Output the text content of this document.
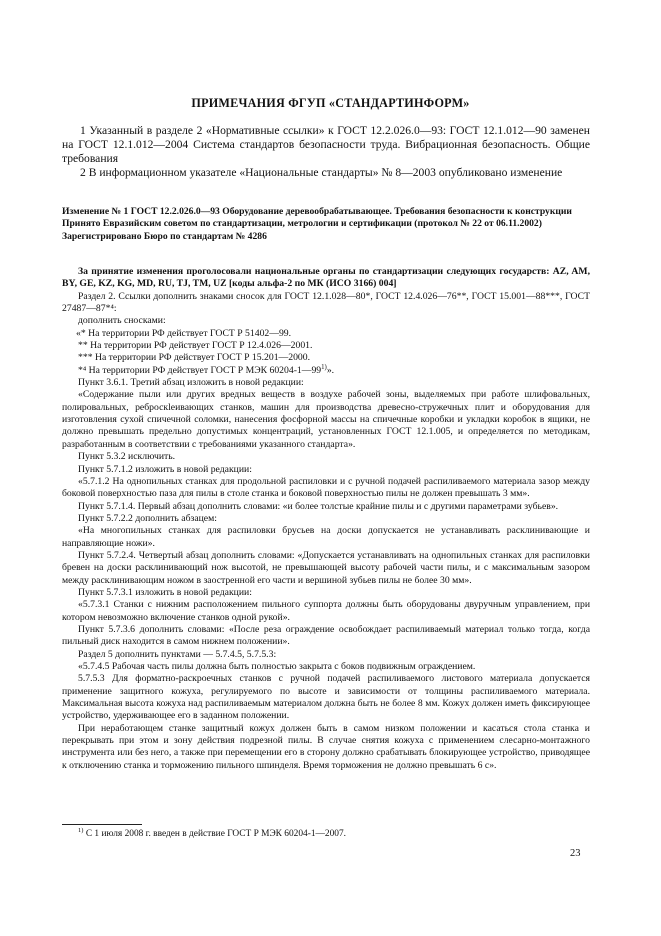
ПРИМЕЧАНИЯ ФГУП «СТАНДАРТИНФОРМ»

1 Указанный в разделе 2 «Нормативные ссылки» к ГОСТ 12.2.026.0—93: ГОСТ 12.1.012—90 заменен на ГОСТ 12.1.012—2004 Система стандартов безопасности труда. Вибрационная безопасность. Общие требования

2 В информационном указателе «Национальные стандарты» № 8—2003 опубликовано изменение

Изменение № 1 ГОСТ 12.2.026.0—93 Оборудование деревообрабатывающее. Требования безопасности к конструкции

Принято Евразийским советом по стандартизации, метрологии и сертификации (протокол № 22 от 06.11.2002)

Зарегистрировано Бюро по стандартам № 4286

За принятие изменения проголосовали национальные органы по стандартизации следующих государств: AZ, AM, BY, GE, KZ, KG, MD, RU, TJ, TM, UZ [коды альфа-2 по МК (ИСО 3166) 004]

Раздел 2. Ссылки дополнить знаками сносок для ГОСТ 12.1.028—80*, ГОСТ 12.4.026—76**, ГОСТ 15.001—88***, ГОСТ 27487—87*⁴:

дополнить сносками:

«* На территории РФ действует ГОСТ Р 51402—99.

** На территории РФ действует ГОСТ Р 12.4.026—2001.

*** На территории РФ действует ГОСТ Р 15.201—2000.

*⁴ На территории РФ действует ГОСТ Р МЭК 60204-1—99$^{1)}$».

Пункт 3.6.1. Третий абзац изложить в новой редакции:

«Содержание пыли или других вредных веществ в воздухе рабочей зоны, выделяемых при работе шлифовальных, полировальных, реброскleивающих станков, машин для производства древесно-стружечных плит и оборудования для изготовления сухой спичечной соломки, нанесения фосфорной массы на спичечные коробки и укладки коробок в ящики, не должно превышать предельно допустимых концентраций, установленных ГОСТ 12.1.005, и определяется по методикам, разработанным в соответствии с требованиями указанного стандарта».

Пункт 5.3.2 исключить.

Пункт 5.7.1.2 изложить в новой редакции:

«5.7.1.2 На однопильных станках для продольной распиловки и с ручной подачей распиливаемого материала зазор между боковой поверхностью паза для пилы в столе станка и боковой поверхностью пилы не должен превышать 3 мм».

Пункт 5.7.1.4. Первый абзац дополнить словами: «и более толстые крайние пилы и с другими параметрами зубьев».

Пункт 5.7.2.2 дополнить абзацем:

«На многопильных станках для распиловки брусьев на доски допускается не устанавливать расклинивающие и направляющие ножи».

Пункт 5.7.2.4. Четвертый абзац дополнить словами: «Допускается устанавливать на однопильных станках для распиловки бревен на доски расклинивающий нож высотой, не превышающей высоту рабочей части пилы, и с максимальным зазором между расклинивающим ножом в заостренной его части и вершиной зубьев пилы не более 30 мм».

Пункт 5.7.3.1 изложить в новой редакции:

«5.7.3.1 Станки с нижним расположением пильного суппорта должны быть оборудованы двуручным управлением, при котором невозможно включение станков одной рукой».

Пункт 5.7.3.6 дополнить словами: «После реза ограждение освобождает распиливаемый материал только тогда, когда пильный диск находится в самом нижнем положении».

Раздел 5 дополнить пунктами — 5.7.4.5, 5.7.5.3:

«5.7.4.5 Рабочая часть пилы должна быть полностью закрыта с боков подвижным ограждением.

5.7.5.3 Для форматно-раскроечных станков с ручной подачей распиливаемого листового материала допускается применение защитного кожуха, регулируемого по высоте и зависимости от толщины распиливаемого материала. Максимальная высота кожуха над распиливаемым материалом должна быть не более 8 мм. Кожух должен иметь фиксирующее устройство, удерживающее его в заданном положении.

При неработающем станке защитный кожух должен быть в самом низком положении и касаться стола станка и перекрывать при этом и зону действия подрезной пилы. В случае снятия кожуха с применением слесарно-монтажного инструмента или без него, а также при перемещении его в сторону должно срабатывать блокирующее устройство, приводящее к отключению станка и торможению пильного шпинделя. Время торможения не должно превышать 6 с».

$^{1)}$ С 1 июля 2008 г. введен в действие ГОСТ Р МЭК 60204-1—2007.

23
